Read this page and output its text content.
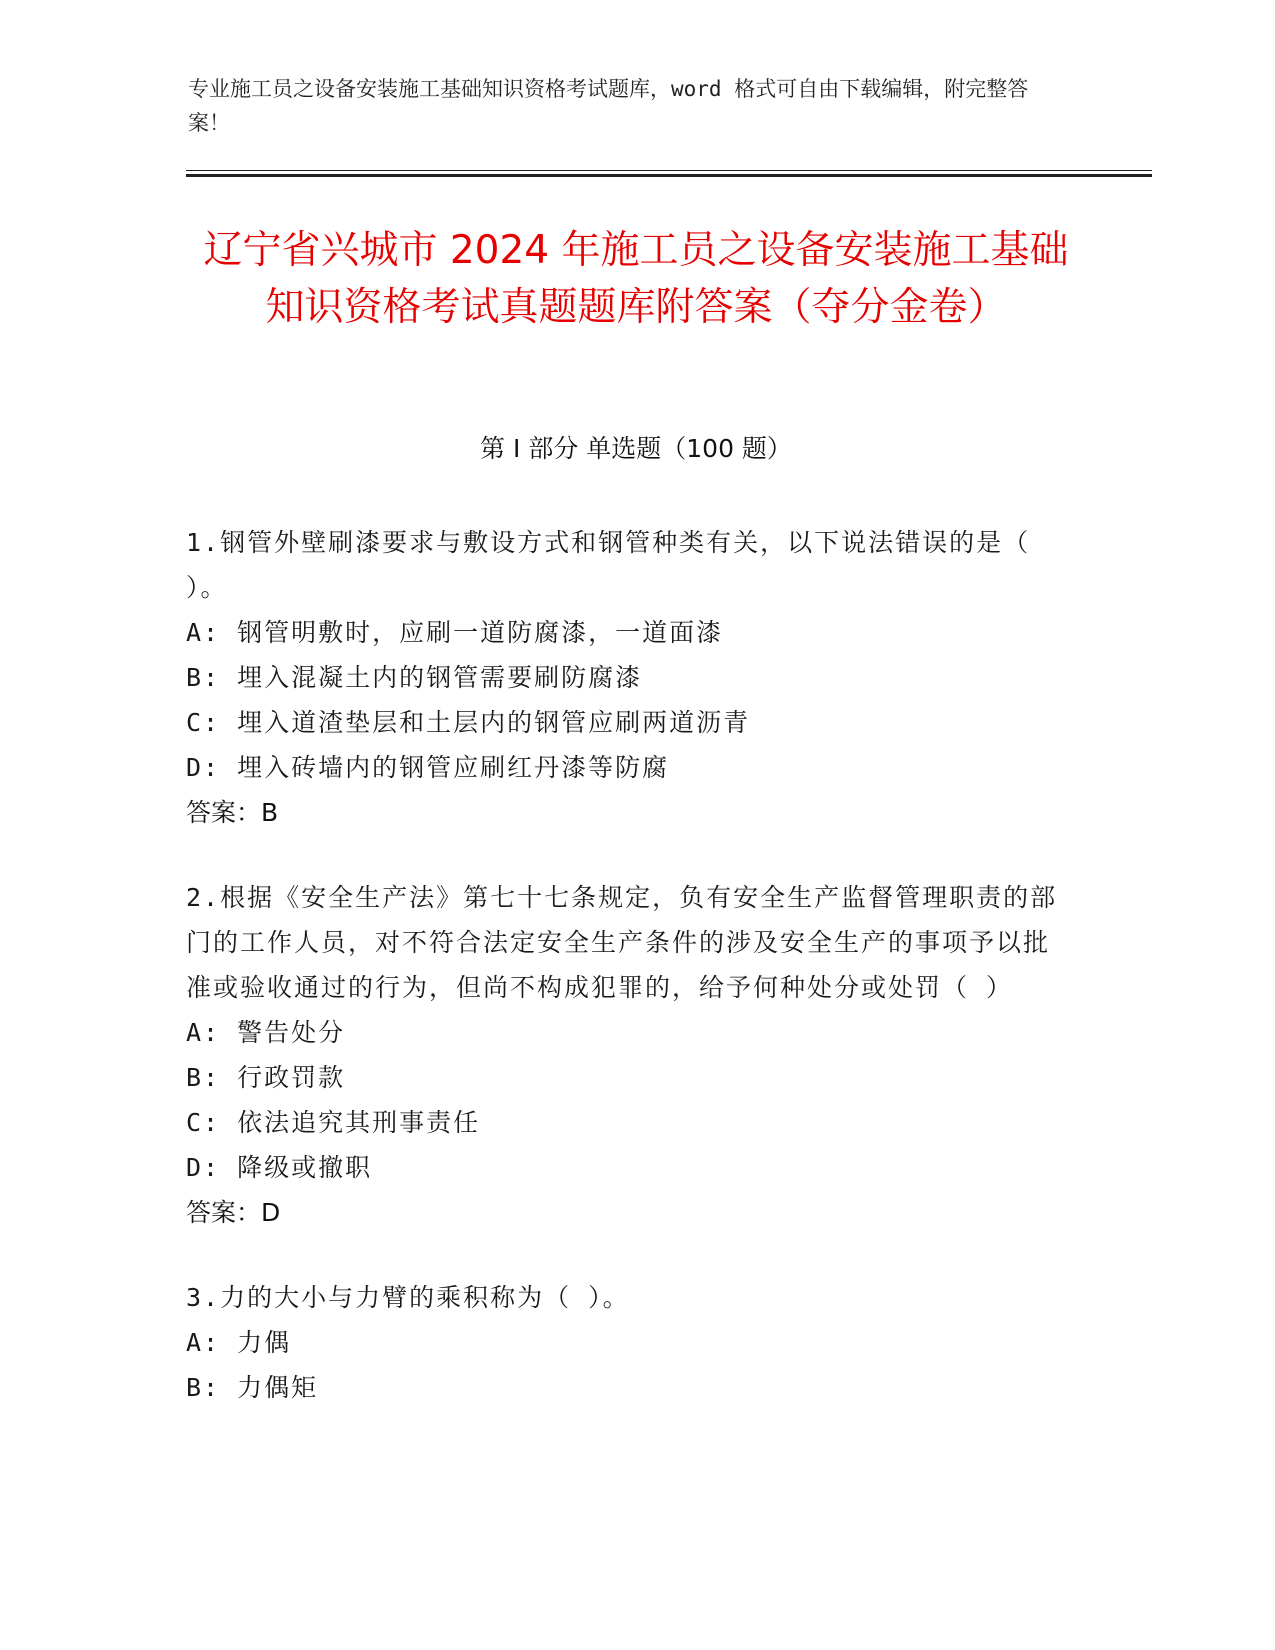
专业施工员之设备安装施工基础知识资格考试题库，word 格式可自由下载编辑，附完整答案！
辽宁省兴城市 2024 年施工员之设备安装施工基础知识资格考试真题题库附答案（夺分金卷）
第 I 部分 单选题（100 题）
1.钢管外壁刷漆要求与敷设方式和钢管种类有关，以下说法错误的是（ ）。
A: 钢管明敷时，应刷一道防腐漆，一道面漆
B: 埋入混凝土内的钢管需要刷防腐漆
C: 埋入道渣垫层和土层内的钢管应刷两道沥青
D: 埋入砖墙内的钢管应刷红丹漆等防腐
答案：B
2.根据《安全生产法》第七十七条规定，负有安全生产监督管理职责的部门的工作人员，对不符合法定安全生产条件的涉及安全生产的事项予以批准或验收通过的行为，但尚不构成犯罪的，给予何种处分或处罚（ ）
A: 警告处分
B: 行政罚款
C: 依法追究其刑事责任
D: 降级或撤职
答案：D
3.力的大小与力臂的乘积称为（ ）。
A: 力偶
B: 力偶矩
